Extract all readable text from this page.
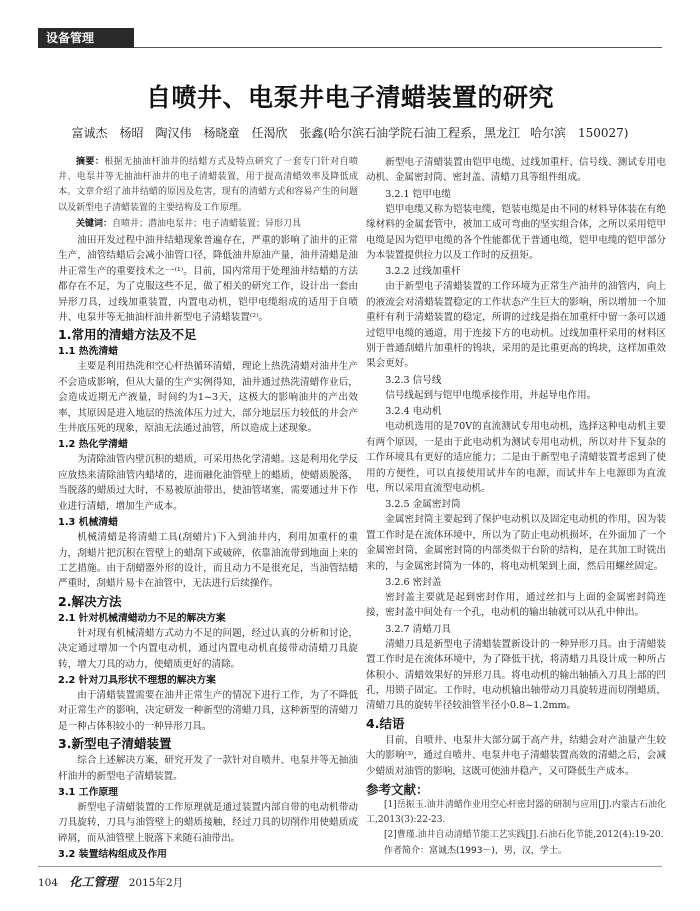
设备管理
自喷井、电泵井电子清蜡装置的研究
富诚杰　杨昭　陶汉伟　杨晓童　任渴欣　张鑫(哈尔滨石油学院石油工程系，黑龙江 哈尔滨　150027)

摘要：根据无抽油杆油井的结蜡方式及特点研究了一套专门针对自喷井、电泵井等无抽油杆油井的电子清蜡装置，用于提高清蜡效率及降低成本。文章介绍了油井结蜡的原因及危害，现有的清蜡方式和容易产生的问题以及新型电子清蜡装置的主要结构及工作原理。

关键词：自喷井；潜油电泵井；电子清蜡装置；异形刀具

油田开发过程中油井结蜡现象普遍存在，严重的影响了油井的正常生产，油管结蜡后会减小油管口径，降低油井原油产量，油井清蜡是油井正常生产的重要技术之一⁽¹⁾。目前，国内常用于处理油井结蜡的方法都存在不足，为了克服这些不足，做了相关的研究工作，设计出一套由异形刀具，过线加重装置，内置电动机，铠甲电缆组成的适用于自喷井、电泵井等无抽油杆油井新型电子清蜡装置⁽²⁾。

1.常用的清蜡方法及不足
1.1 热洗清蜡

主要是利用热洗和空心杆热循环清蜡，理论上热洗清蜡对油井生产不会造成影响，但从大量的生产实例得知，油井通过热洗清蜡作业后，会造成近期无产液量，时间约为1~3天，这极大的影响油井的产出效率，其原因是进入地层的热流体压力过大，部分地层压力较低的井会产生井底压死的现象，原油无法通过油管，所以造成上述现象。

1.2 热化学清蜡

为清除油管内壁沉积的蜡质，可采用热化学清蜡。这是利用化学反应放热来清除油管内蜡堵的，进而融化油管壁上的蜡质，使蜡质脱落，当脱落的蜡质过大时，不易被原油带出，使油管堵塞，需要通过井下作业进行清蜡，增加生产成本。

1.3 机械清蜡

机械清蜡是将清蜡工具(刮蜡片)下入到油井内，利用加重杆的重力，刮蜡片把沉积在管壁上的蜡刮下或破碎，依靠油流带到地面上来的工艺措施。由于刮蜡器外形的设计，而且动力不是很充足，当油管结蜡严重时，刮蜡片易卡在油管中，无法进行后续操作。

2.解决方法
2.1 针对机械清蜡动力不足的解决方案

针对现有机械清蜡方式动力不足的问题，经过认真的分析和讨论，决定通过增加一个内置电动机，通过内置电动机直接带动清蜡刀具旋转，增大刀具的动力，使蜡质更好的清除。

2.2 针对刀具形状不理想的解决方案

由于清蜡装置需要在油井正常生产的情况下进行工作，为了不降低对正常生产的影响，决定研发一种新型的清蜡刀具，这种新型的清蜡刀是一种占体积较小的一种异形刀具。

3.新型电子清蜡装置

综合上述解决方案，研究开发了一款针对自喷井、电泵井等无抽油杆油井的新型电子清蜡装置。

3.1 工作原理

新型电子清蜡装置的工作原理就是通过装置内部自带的电动机带动刀具旋转，刀具与油管壁上的蜡质接触，经过刀具的切削作用使蜡质成碎屑，而从油管壁上脱落下来随石油带出。

3.2 装置结构组成及作用

新型电子清蜡装置由铠甲电缆、过线加重杆、信号线、测试专用电动机、金属密封筒、密封盖、清蜡刀具等组件组成。

3.2.1 铠甲电缆

铠甲电缆又称为铠装电缆，铠装电缆是由不同的材料导体装在有绝缘材料的金属套管中，被加工成可弯曲的坚实组合体，之所以采用铠甲电缆是因为铠甲电缆的各个性能都优于普通电缆，铠甲电缆的铠甲部分为本装置提供拉力以及工作时的反扭矩。

3.2.2 过线加重杆

由于新型电子清蜡装置的工作环境为正常生产油井的油管内，向上的液流会对清蜡装置稳定的工作状态产生巨大的影响，所以增加一个加重杆有利于清蜡装置的稳定，所谓的过线是指在加重杆中留一条可以通过铠甲电缆的通道，用于连接下方的电动机。过线加重杆采用的材料区别于普通刮蜡片加重杆的钨块，采用的是比重更高的钨块，这样加重效果会更好。

3.2.3 信号线

信号线起到与铠甲电缆承接作用，并起导电作用。

3.2.4 电动机

电动机选用的是70V的直流测试专用电动机，选择这种电动机主要有两个原因，一是由于此电动机为测试专用电动机，所以对井下复杂的工作环境具有更好的适应能力；二是由于新型电子清蜡装置考虑到了使用的方便性，可以直接使用试井车的电源，而试井车上电源即为直流电，所以采用直流型电动机。

3.2.5 金属密封筒

金属密封筒主要起到了保护电动机以及固定电动机的作用，因为装置工作时是在流体环境中，所以为了防止电动机损坏，在外面加了一个金属密封筒，金属密封筒的内部类似于台阶的结构，是在其加工时铣出来的，与金属密封筒为一体的，将电动机架到上面，然后用螺丝固定。

3.2.6 密封盖

密封盖主要就是起到密封作用，通过丝扣与上面的金属密封筒连接，密封盖中间处有一个孔，电动机的输出轴就可以从孔中伸出。

3.2.7 清蜡刀具

清蜡刀具是新型电子清蜡装置新设计的一种异形刀具。由于清蜡装置工作时是在流体环境中，为了降低干扰，将清蜡刀具设计成一种所占体积小、清蜡效果好的异形刀具。将电动机的输出轴插入刀具上部的凹孔，用锁子固定。工作时，电动机输出轴带动刀具旋转进而切削蜡质，清蜡刀具的旋转半径较油管半径小0.8~1.2mm。

4.结语

目前，自喷井、电泵井大部分属于高产井，结蜡会对产油量产生较大的影响⁽³⁾，通过自喷井、电泵井电子清蜡装置高效的清蜡之后，会减少蜡质对油管的影响，这既可使油井稳产，又可降低生产成本。

参考文献：

[1]岳振玉.油井清蜡作业用空心杆密封器的研制与应用[J].内蒙古石油化工,2013(3):22-23.

[2]曹瑾.油井自动清蜡节能工艺实践[J].石油石化节能,2012(4):19-20.

作者简介：富诚杰(1993－)，男，汉，学士。

104 化工管理 2015年2月
